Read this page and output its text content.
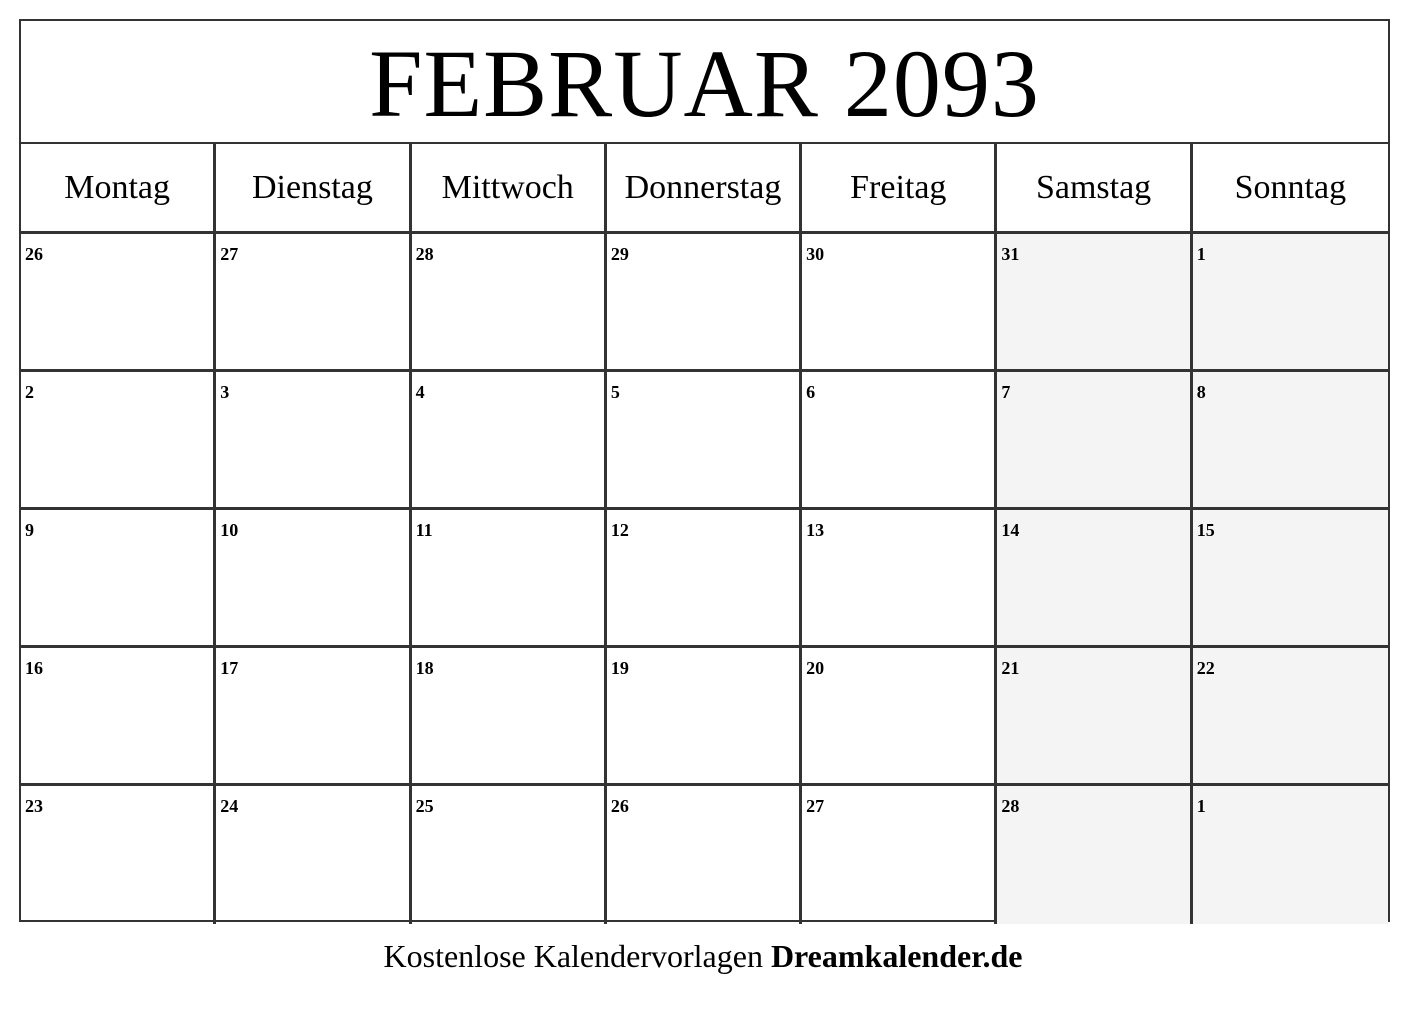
FEBRUAR 2093
Montag Dienstag Mittwoch Donnerstag Freitag	Samstag Sonntag
26	27	28	29	30	31	1
2	3	4	5	6	7	8
9	10	11	12	13	14	15
16	17	18	19	20	21	22
23	24	25	26	27	28	1
Kostenlose Kalendervorlagen Dreamkalender.de
